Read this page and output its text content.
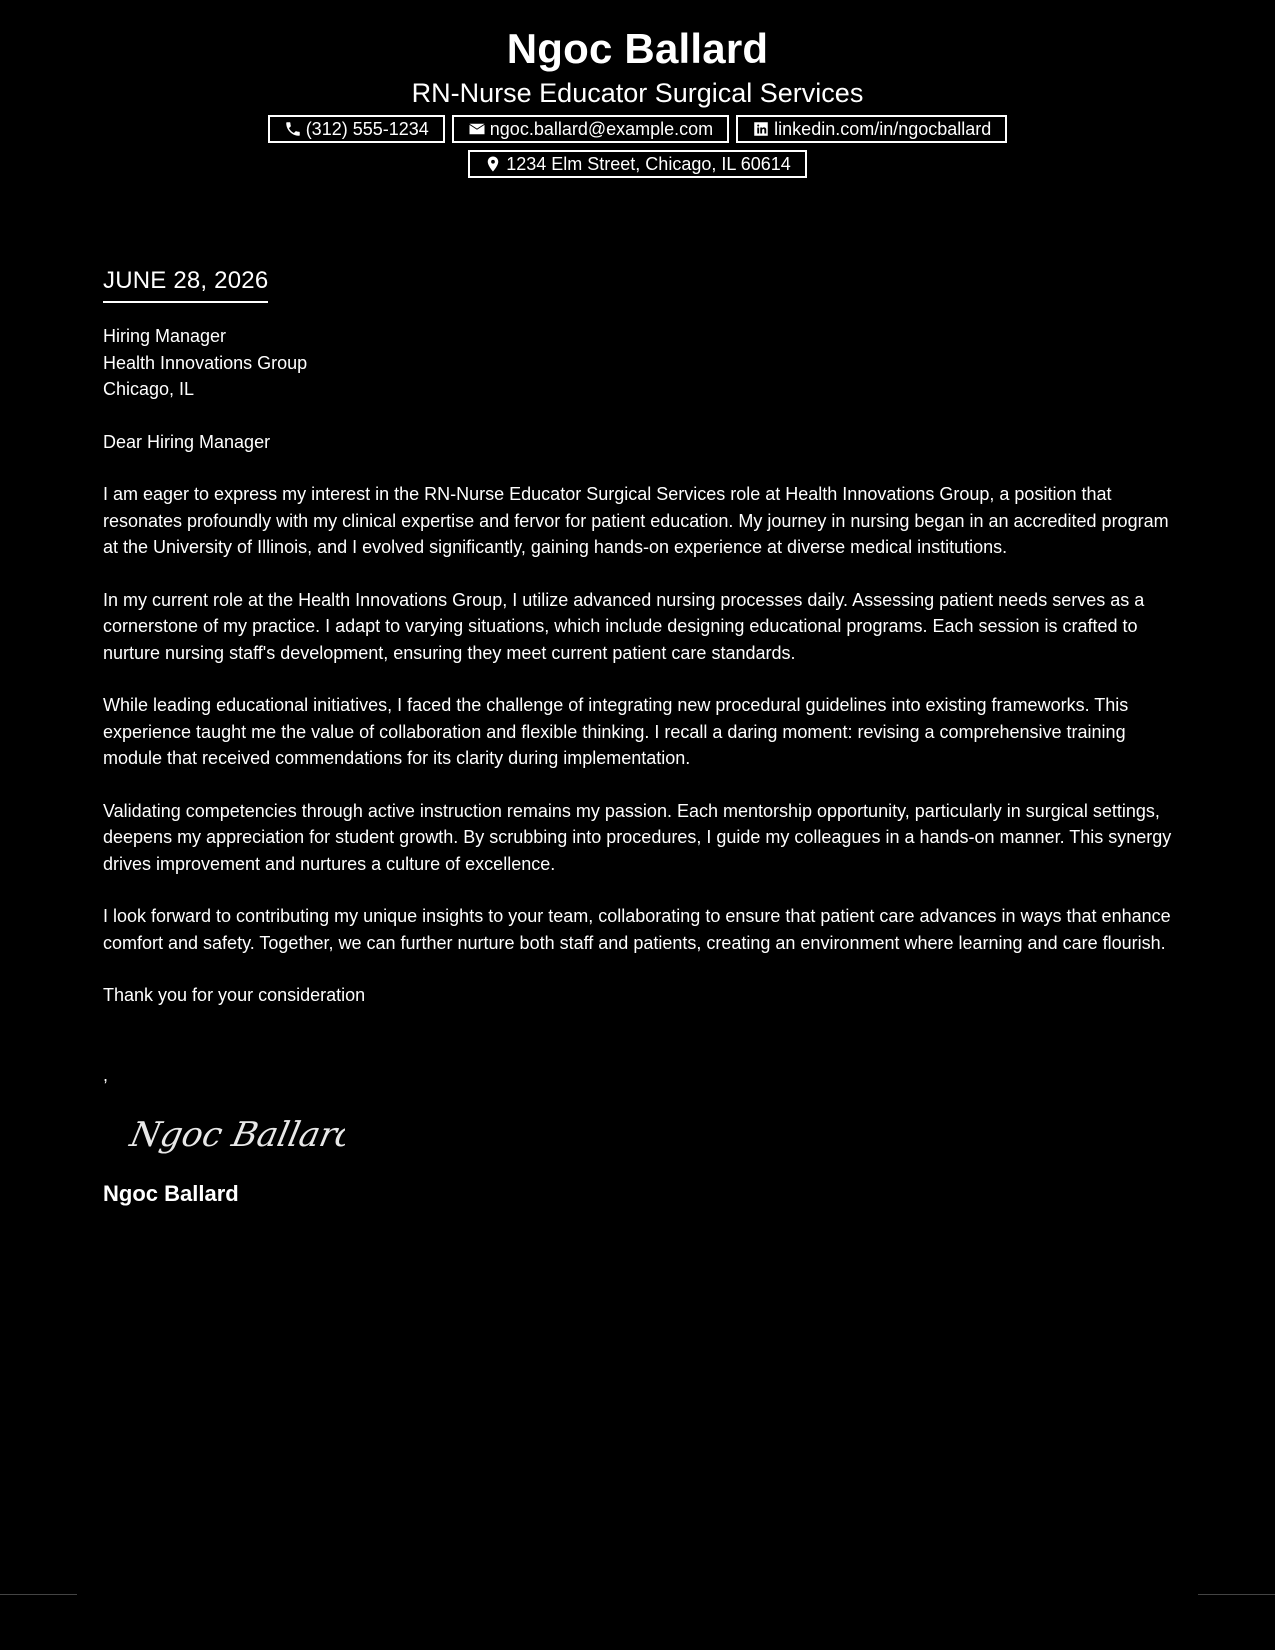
Ngoc Ballard
RN-Nurse Educator Surgical Services
(312) 555-1234	ngoc.ballard@example.com	linkedin.com/in/ngocballard
1234 Elm Street, Chicago, IL 60614
JUNE 28, 2026
Hiring Manager
Health Innovations Group
Chicago, IL
Dear Hiring Manager

I am eager to express my interest in the RN-Nurse Educator Surgical Services role at Health Innovations Group, a position that resonates profoundly with my clinical expertise and fervor for patient education. My journey in nursing began in an accredited program at the University of Illinois, and I evolved significantly, gaining hands-on experience at diverse medical institutions.

In my current role at the Health Innovations Group, I utilize advanced nursing processes daily. Assessing patient needs serves as a cornerstone of my practice. I adapt to varying situations, which include designing educational programs. Each session is crafted to nurture nursing staff's development, ensuring they meet current patient care standards.

While leading educational initiatives, I faced the challenge of integrating new procedural guidelines into existing frameworks. This experience taught me the value of collaboration and flexible thinking. I recall a daring moment: revising a comprehensive training module that received commendations for its clarity during implementation.

Validating competencies through active instruction remains my passion. Each mentorship opportunity, particularly in surgical settings, deepens my appreciation for student growth. By scrubbing into procedures, I guide my colleagues in a hands-on manner. This synergy drives improvement and nurtures a culture of excellence.

I look forward to contributing my unique insights to your team, collaborating to ensure that patient care advances in ways that enhance comfort and safety. Together, we can further nurture both staff and patients, creating an environment where learning and care flourish.

Thank you for your consideration
,
Ngoc Ballard
Ngoc Ballard
